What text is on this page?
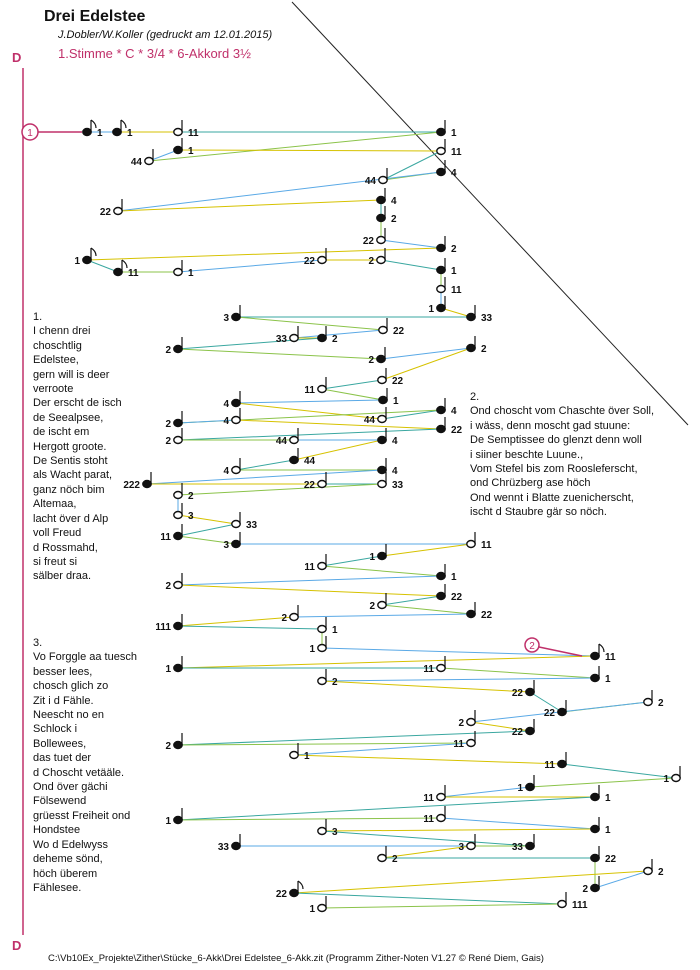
Drei Edelstee
J.Dobler/W.Koller (gedruckt am 12.01.2015)
1.Stimme * C * 3/4 * 6-Akkord 3½
D
D
1.
I chenn drei
choschtlig
Edelstee,
gern will is deer
verroote
Der erscht de isch
de Seealpsee,
de ischt em
Hergott groote.
De Sentis stoht
als Wacht parat,
ganz nöch bim
Altemaa,
lacht över d Alp
voll Freud
d Rossmahd,
si freut si
sälber draa.
2.
Ond choscht vom Chaschte över Soll,
i wäss, denn moscht gad stuune:
De Semptissee do glenzt denn woll
i siiner beschte Luune.,
Vom Stefel bis zom Roosleferscht,
ond Chrüzberg ase höch
Ond wennt i Blatte zuenicherscht,
ischt d Staubre gär so nöch.
3.
Vo Forggle aa tuesch
besser lees,
chosch glich zo
Zit i d Fähle.
Neescht no en
Schlock i
Bollewees,
das tuet der
d Choscht vetääle.
Ond över gächi
Fölsewend
grüesst Freiheit ond
Hondstee
Wo d Edelwyss
deheme sönd,
höch überem
Fählesee.
1 1	11	1
44
1	11
44
4
22
4
2
22
2
1
11	1
22	2
1
11
1
33
3
22
33	2
2
2
2
22
11
1
4
44
4
2	4
22
2	44	4
44
4	4
222	22	33
2
3
33
11
3	11
1
11
1
2
22
2
22
2
111	1
1
11
1	11
1
2
22
22
2
2
22
2	11
1
11
1
1
11	1
1	11
1
3
33
33	3
2	22
2
2
22
111
1
1
2
C:\Vb10Ex_Projekte\Zither\Stücke_6-Akk\Drei Edelstee_6-Akk.zit (Programm Zither-Noten V1.27 © René Diem, Gais)
